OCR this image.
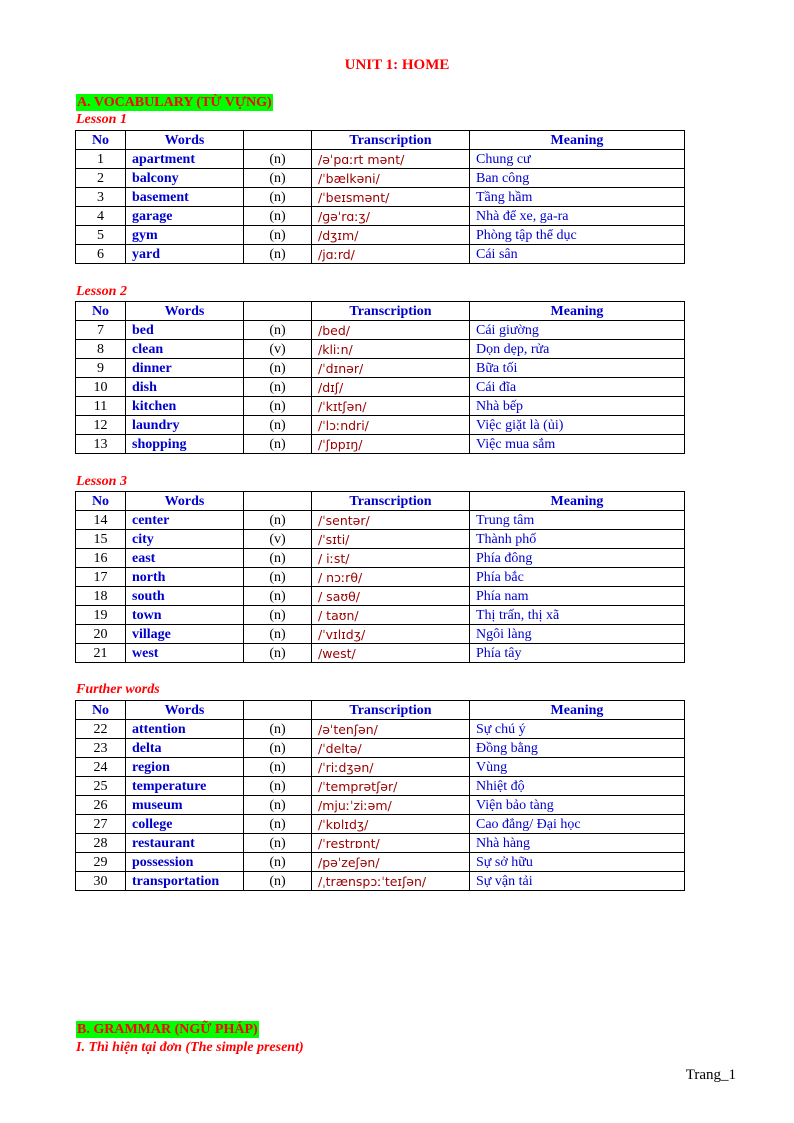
UNIT 1: HOME
A. VOCABULARY (TỪ VỰNG)
Lesson 1
No	Words		Transcription	Meaning
1	apartment	(n)	/əˈpɑːrt mənt/	Chung cư
2	balcony	(n)	/ˈbælkəni/	Ban công
3	basement	(n)	/ˈbeɪsmənt/	Tầng hầm
4	garage	(n)	/ɡəˈrɑːʒ/	Nhà để xe, ga-ra
5	gym	(n)	/dʒɪm/	Phòng tập thể dục
6	yard	(n)	/jɑːrd/	Cái sân
Lesson 2
No	Words		Transcription	Meaning
7	bed	(n)	/bed/	Cái giường
8	clean	(v)	/kliːn/	Dọn dẹp, rửa
9	dinner	(n)	/ˈdɪnər/	Bữa tối
10	dish	(n)	/dɪʃ/	Cái đĩa
11	kitchen	(n)	/ˈkɪtʃən/	Nhà bếp
12	laundry	(n)	/ˈlɔːndri/	Việc giặt là (ủi)
13	shopping	(n)	/ˈʃɒpɪŋ/	Việc mua sắm
Lesson 3
No	Words		Transcription	Meaning
14	center	(n)	/ˈsentər/	Trung tâm
15	city	(v)	/ˈsɪti/	Thành phố
16	east	(n)	/ iːst/	Phía đông
17	north	(n)	/ nɔːrθ/	Phía bắc
18	south	(n)	/ saʊθ/	Phía nam
19	town	(n)	/ taʊn/	Thị trấn, thị xã
20	village	(n)	/ˈvɪlɪdʒ/	Ngôi làng
21	west	(n)	/west/	Phía tây
Further words
No	Words		Transcription	Meaning
22	attention	(n)	/əˈtenʃən/	Sự chú ý
23	delta	(n)	/ˈdeltə/	Đồng bằng
24	region	(n)	/ˈriːdʒən/	Vùng
25	temperature	(n)	/ˈtemprətʃər/	Nhiệt độ
26	museum	(n)	/mjuːˈziːəm/	Viện bảo tàng
27	college	(n)	/ˈkɒlɪdʒ/	Cao đẳng/ Đại học
28	restaurant	(n)	/ˈrestrɒnt/	Nhà hàng
29	possession	(n)	/pəˈzeʃən/	Sự sở hữu
30	transportation	(n)	/ˌtrænspɔːˈteɪʃən/	Sự vận tải
B. GRAMMAR (NGỮ PHÁP)
I. Thì hiện tại đơn (The simple present)
Trang_1
